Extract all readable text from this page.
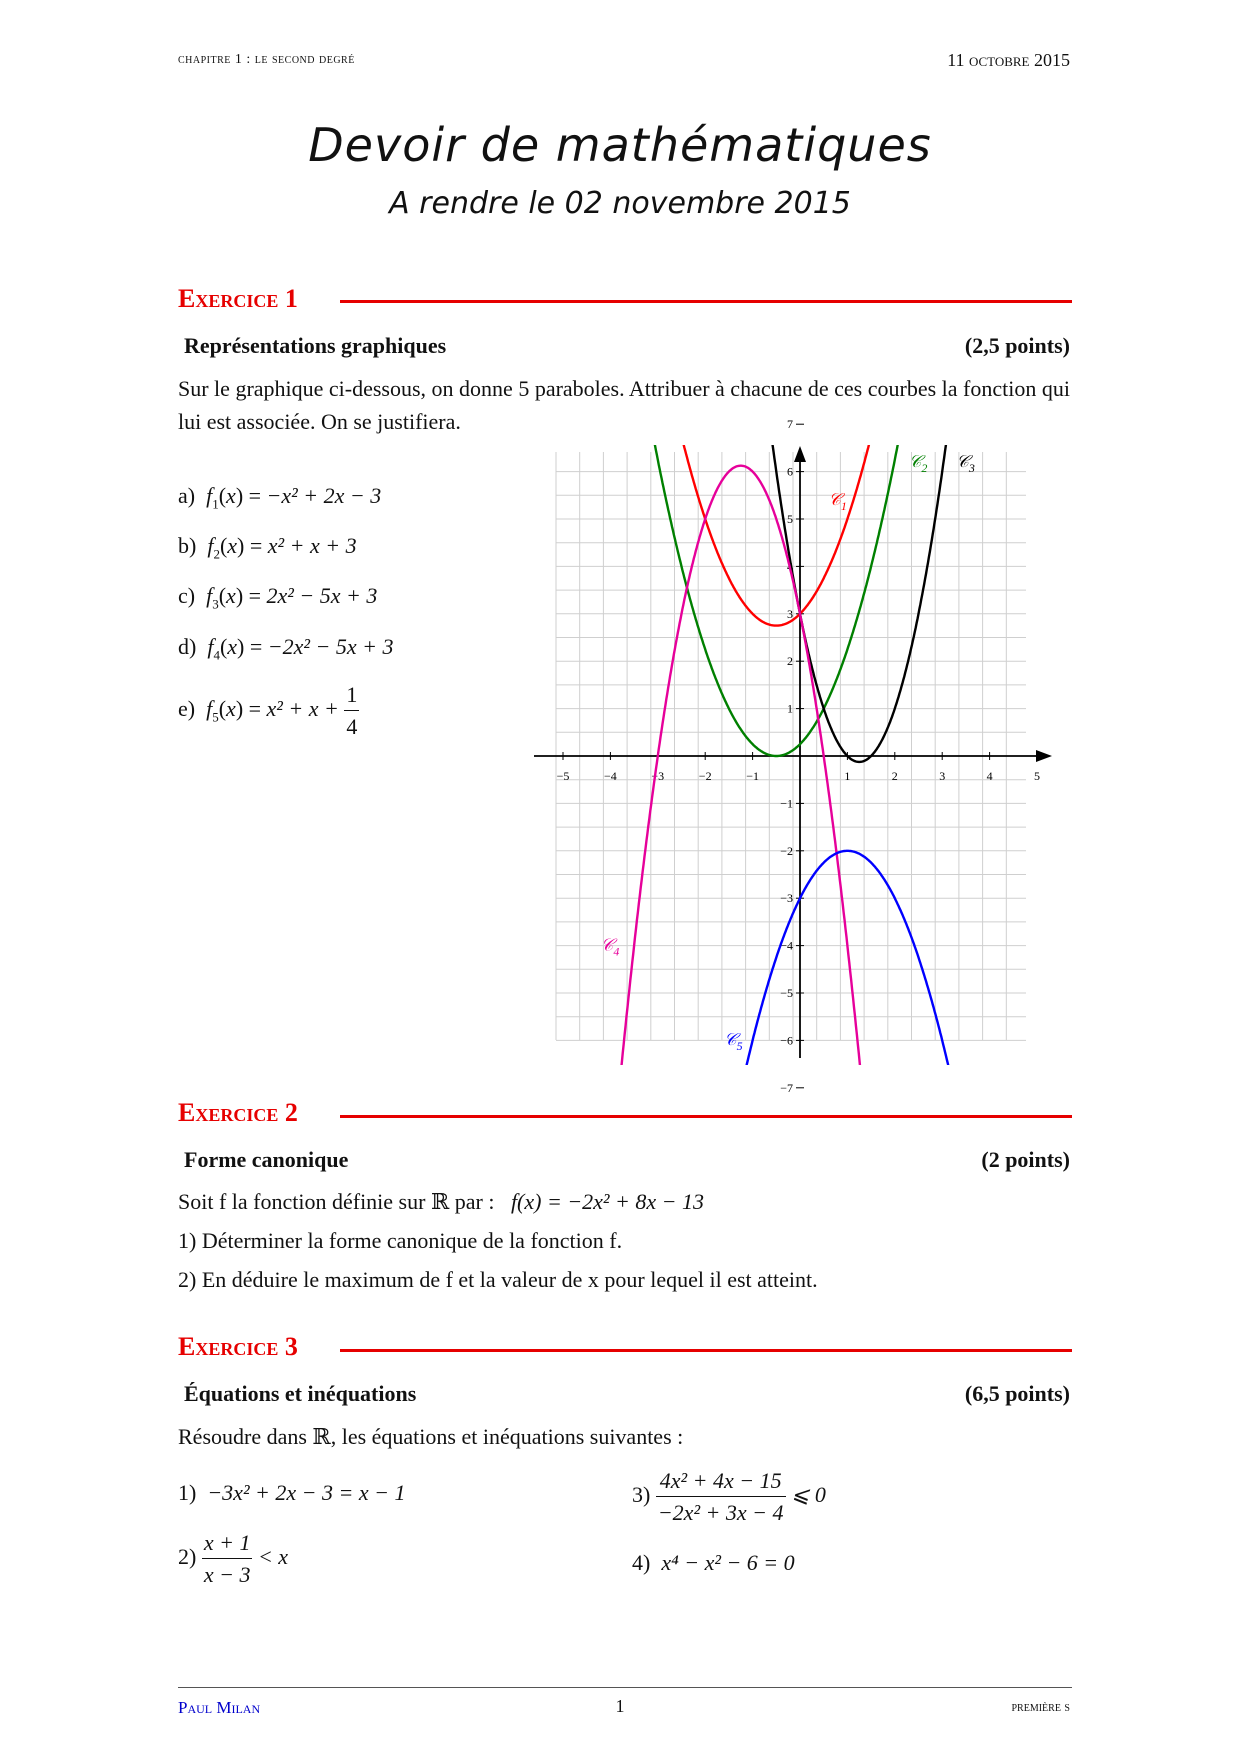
chapitre 1 : le second degré	11 octobre 2015
Devoir de mathématiques
A rendre le 02 novembre 2015
Exercice 1
Représentations graphiques	(2,5 points)
Sur le graphique ci-dessous, on donne 5 paraboles. Attribuer à chacune de ces courbes la fonction qui lui est associée. On se justifiera.
a) $f_1(x) = -x^2 + 2x - 3$
b) $f_2(x) = x^2 + x + 3$
c) $f_3(x) = 2x^2 - 5x + 3$
d) $f_4(x) = -2x^2 - 5x + 3$
e) $f_5(x) = x^2 + x + \frac{1}{4}$
−5	−4	−3	−2	−1	1	2	3	4	5
−7
−6
−5
−4
−3
−2
−1
1
2
3
4
5
6
7
𝒞$_1$
𝒞$_2$ 𝒞$_3$
𝒞$_4$
𝒞$_5$
Exercice 2
Forme canonique	(2 points)
Soit f la fonction définie sur ℝ par : f(x) = −2x² + 8x − 13
1) Déterminer la forme canonique de la fonction f.
2) En déduire le maximum de f et la valeur de x pour lequel il est atteint.
Exercice 3
Équations et inéquations	(6,5 points)
Résoudre dans ℝ, les équations et inéquations suivantes :
1) −3x² + 2x − 3 = x − 1
$2) \frac{x + 1}{x - 3} < x$
$3) \frac{\text{4x² + 4x − 15}}{\text{−2x² + 3x − 4}}$ ⩽ 0
4) x⁴ − x² − 6 = 0
Paul Milan	1	première s
